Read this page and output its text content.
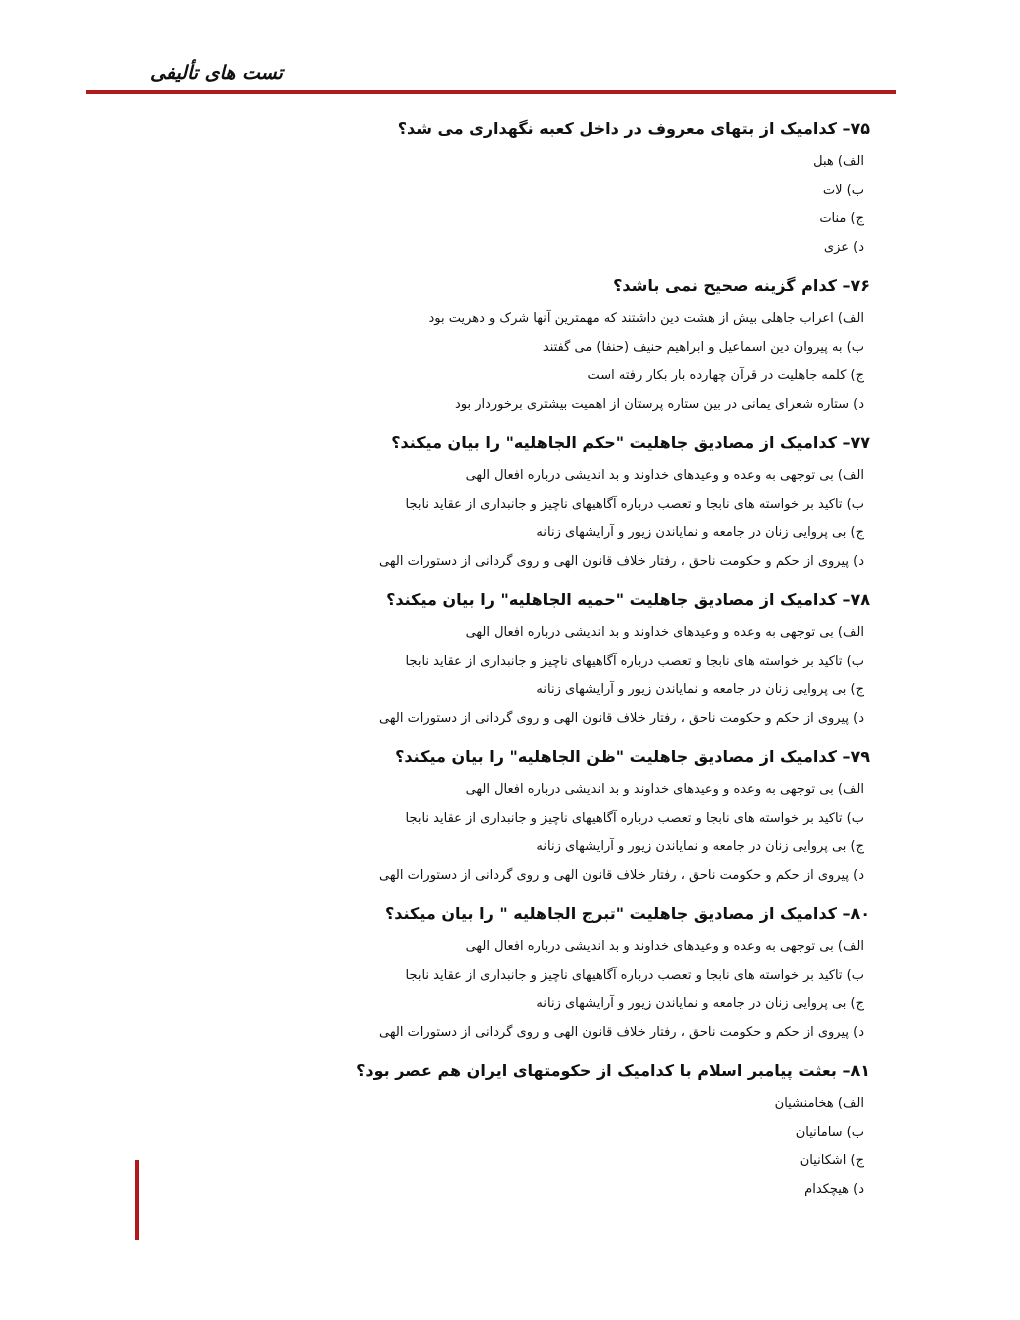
تست های تألیفی
۷۵– کدامیک از بتهای معروف در داخل کعبه نگهداری می شد؟
الف) هبل
ب) لات
ج) منات
د) عزی
۷۶– کدام گزینه صحیح نمی باشد؟
الف) اعراب جاهلی بیش از هشت دین داشتند که مهمترین آنها شرک و دهریت بود
ب) به پیروان دین اسماعیل و ابراهیم حنیف (حنفا) می گفتند
ج) کلمه جاهلیت در قرآن چهارده بار بکار رفته است
د) ستاره شعرای یمانی در بین ستاره پرستان از اهمیت بیشتری برخوردار بود
۷۷– کدامیک از مصادیق جاهلیت "حکم الجاهلیه" را بیان میکند؟
الف) بی توجهی به وعده و وعیدهای خداوند و بد اندیشی درباره افعال الهی
ب) تاکید بر خواسته های نابجا و تعصب درباره آگاهیهای ناچیز و جانبداری از عقاید نابجا
ج) بی پروایی زنان در جامعه و نمایاندن زیور و آرایشهای زنانه
د) پیروی از حکم و حکومت ناحق ، رفتار خلاف قانون الهی و روی گردانی از دستورات الهی
۷۸– کدامیک از مصادیق جاهلیت "حمیه الجاهلیه" را بیان میکند؟
الف) بی توجهی به وعده و وعیدهای خداوند و بد اندیشی درباره افعال الهی
ب) تاکید بر خواسته های نابجا و تعصب درباره آگاهیهای ناچیز و جانبداری از عقاید نابجا
ج) بی پروایی زنان در جامعه و نمایاندن زیور و آرایشهای زنانه
د) پیروی از حکم و حکومت ناحق ، رفتار خلاف قانون الهی و روی گردانی از دستورات الهی
۷۹– کدامیک از مصادیق جاهلیت "ظن الجاهلیه" را بیان میکند؟
الف) بی توجهی به وعده و وعیدهای خداوند و بد اندیشی درباره افعال الهی
ب) تاکید بر خواسته های نابجا و تعصب درباره آگاهیهای ناچیز و جانبداری از عقاید نابجا
ج) بی پروایی زنان در جامعه و نمایاندن زیور و آرایشهای زنانه
د) پیروی از حکم و حکومت ناحق ، رفتار خلاف قانون الهی و روی گردانی از دستورات الهی
۸۰– کدامیک از مصادیق جاهلیت "تبرج الجاهلیه " را بیان میکند؟
الف) بی توجهی به وعده و وعیدهای خداوند و بد اندیشی درباره افعال الهی
ب) تاکید بر خواسته های نابجا و تعصب درباره آگاهیهای ناچیز و جانبداری از عقاید نابجا
ج) بی پروایی زنان در جامعه و نمایاندن زیور و آرایشهای زنانه
د) پیروی از حکم و حکومت ناحق ، رفتار خلاف قانون الهی و روی گردانی از دستورات الهی
۸۱– بعثت پیامبر اسلام با کدامیک از حکومتهای ایران هم عصر بود؟
الف) هخامنشیان
ب) سامانیان
ج) اشکانیان
د) هیچکدام
